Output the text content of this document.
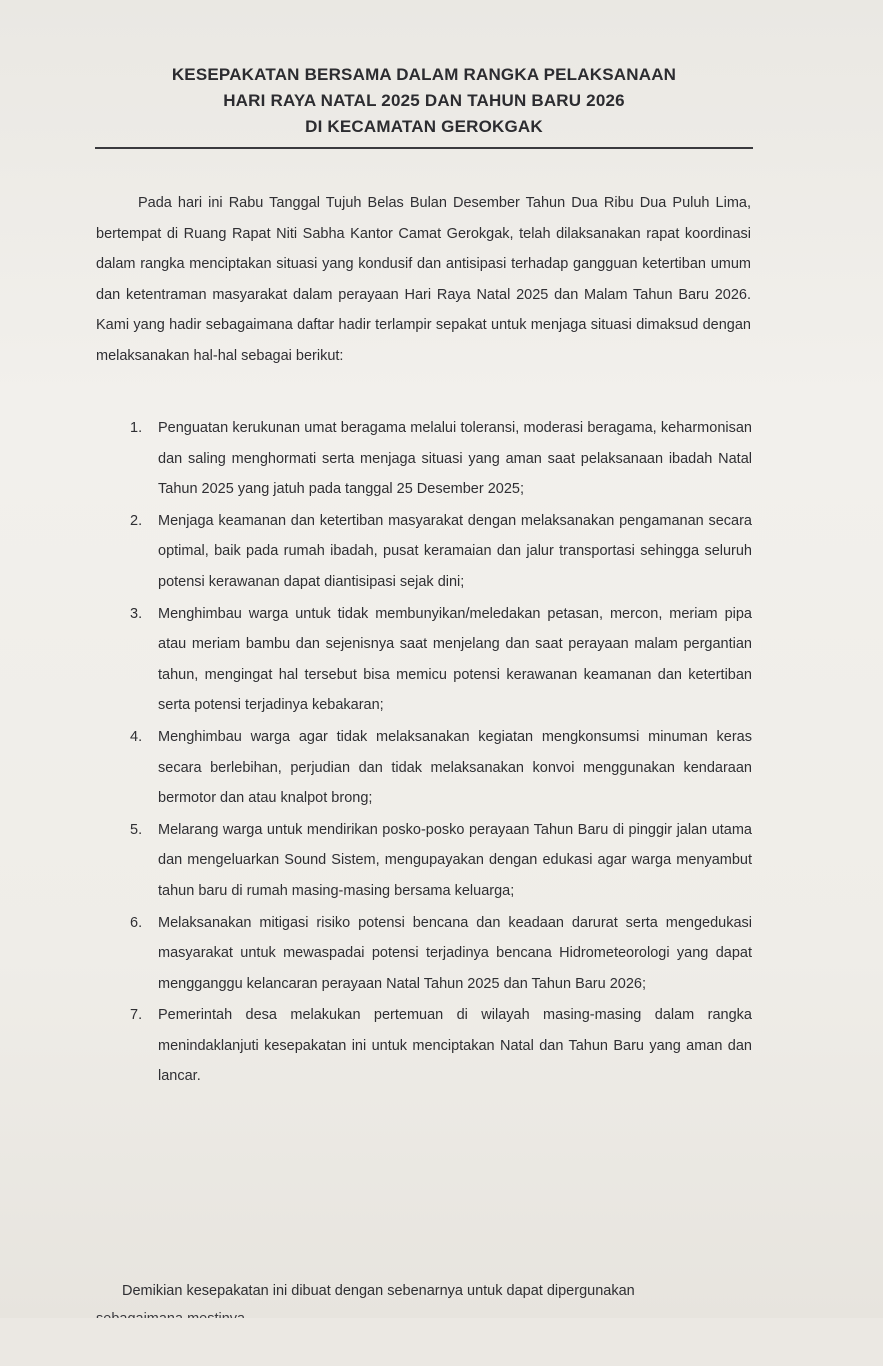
KESEPAKATAN BERSAMA DALAM RANGKA PELAKSANAAN
HARI RAYA NATAL 2025 DAN TAHUN BARU 2026
DI KECAMATAN GEROKGAK
Pada hari ini Rabu Tanggal Tujuh Belas Bulan Desember Tahun Dua Ribu Dua Puluh Lima, bertempat di Ruang Rapat Niti Sabha Kantor Camat Gerokgak, telah dilaksanakan rapat koordinasi dalam rangka menciptakan situasi yang kondusif dan antisipasi terhadap gangguan ketertiban umum dan ketentraman masyarakat dalam perayaan Hari Raya Natal 2025 dan Malam Tahun Baru 2026. Kami yang hadir sebagaimana daftar hadir terlampir sepakat untuk menjaga situasi dimaksud dengan melaksanakan hal-hal sebagai berikut:
1. Penguatan kerukunan umat beragama melalui toleransi, moderasi beragama, keharmonisan dan saling menghormati serta menjaga situasi yang aman saat pelaksanaan ibadah Natal Tahun 2025 yang jatuh pada tanggal 25 Desember 2025;
2. Menjaga keamanan dan ketertiban masyarakat dengan melaksanakan pengamanan secara optimal, baik pada rumah ibadah, pusat keramaian dan jalur transportasi sehingga seluruh potensi kerawanan dapat diantisipasi sejak dini;
3. Menghimbau warga untuk tidak membunyikan/meledakan petasan, mercon, meriam pipa atau meriam bambu dan sejenisnya saat menjelang dan saat perayaan malam pergantian tahun, mengingat hal tersebut bisa memicu potensi kerawanan keamanan dan ketertiban serta potensi terjadinya kebakaran;
4. Menghimbau warga agar tidak melaksanakan kegiatan mengkonsumsi minuman keras secara berlebihan, perjudian dan tidak melaksanakan konvoi menggunakan kendaraan bermotor dan atau knalpot brong;
5. Melarang warga untuk mendirikan posko-posko perayaan Tahun Baru di pinggir jalan utama dan mengeluarkan Sound Sistem, mengupayakan dengan edukasi agar warga menyambut tahun baru di rumah masing-masing bersama keluarga;
6. Melaksanakan mitigasi risiko potensi bencana dan keadaan darurat serta mengedukasi masyarakat untuk mewaspadai potensi terjadinya bencana Hidrometeorologi yang dapat mengganggu kelancaran perayaan Natal Tahun 2025 dan Tahun Baru 2026;
7. Pemerintah desa melakukan pertemuan di wilayah masing-masing dalam rangka menindaklanjuti kesepakatan ini untuk menciptakan Natal dan Tahun Baru yang aman dan lancar.
Demikian kesepakatan ini dibuat dengan sebenarnya untuk dapat dipergunakan
